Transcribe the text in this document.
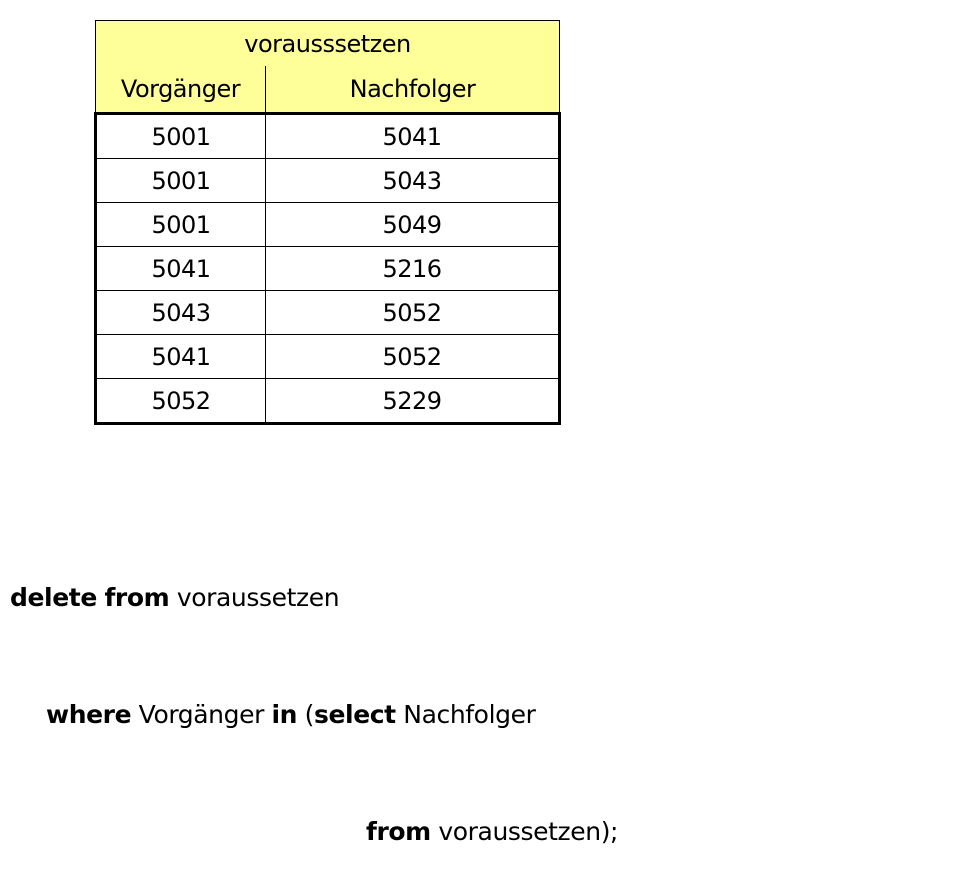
vorausssetzen	
Vorgänger	Nachfolger
5001	5041
5001	5043
5001	5049
5041	5216
5043	5052
5041	5052
5052	5229

delete from voraussetzen

where Vorgänger in (select Nachfolger

from voraussetzen);
